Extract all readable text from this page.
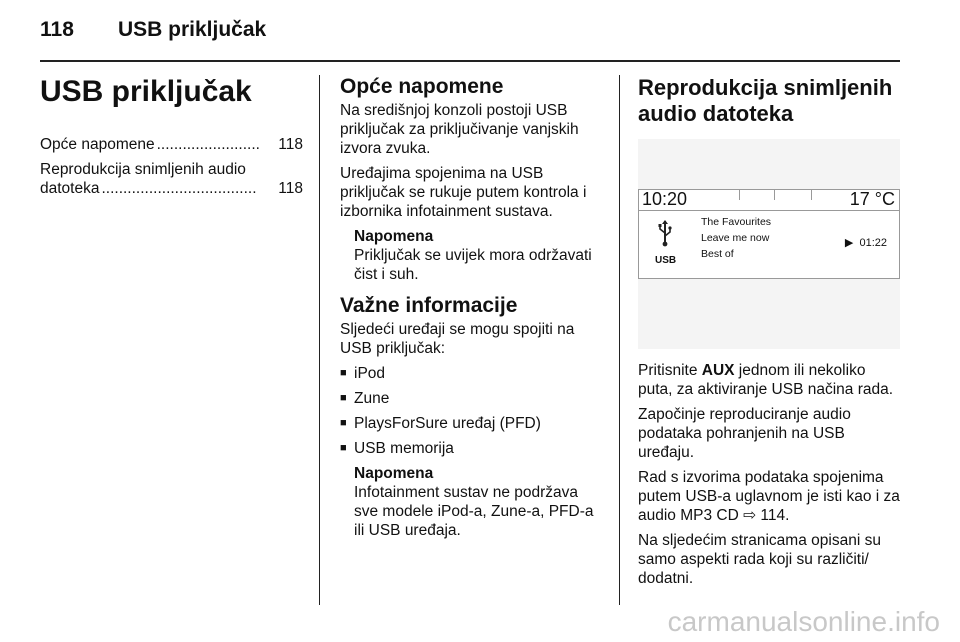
118 USB priključak
USB priključak
Opće napomene ........................	118
Reprodukcija snimljenih audio
datoteka ....................................	118
Opće napomene

Na središnjoj konzoli postoji USB priključak za priključivanje vanjskih izvora zvuka.

Uređajima spojenima na USB priključak se rukuje putem kontrola i izbornika infotainment sustava.

Napomena
Priključak se uvijek mora održavati čist i suh.
Važne informacije

Sljedeći uređaji se mogu spojiti na USB priključak:

■ iPod
■ Zune
■ PlaysForSure uređaj (PFD)
■ USB memorija
Napomena
Infotainment sustav ne podržava sve modele iPod-a, Zune-a, PFD-a ili USB uređaja.
Reprodukcija snimljenih audio datoteka
10:20	17 °C
USB
The Favourites
Leave me now
Best of
▶ 01:22

Pritisnite AUX jednom ili nekoliko puta, za aktiviranje USB načina rada.

Započinje reproduciranje audio podataka pohranjenih na USB uređaju.

Rad s izvorima podataka spojenima putem USB-a uglavnom je isti kao i za audio MP3 CD ⇨ 114.

Na sljedećim stranicama opisani su samo aspekti rada koji su različiti/ dodatni.

carmanualsonline.info
